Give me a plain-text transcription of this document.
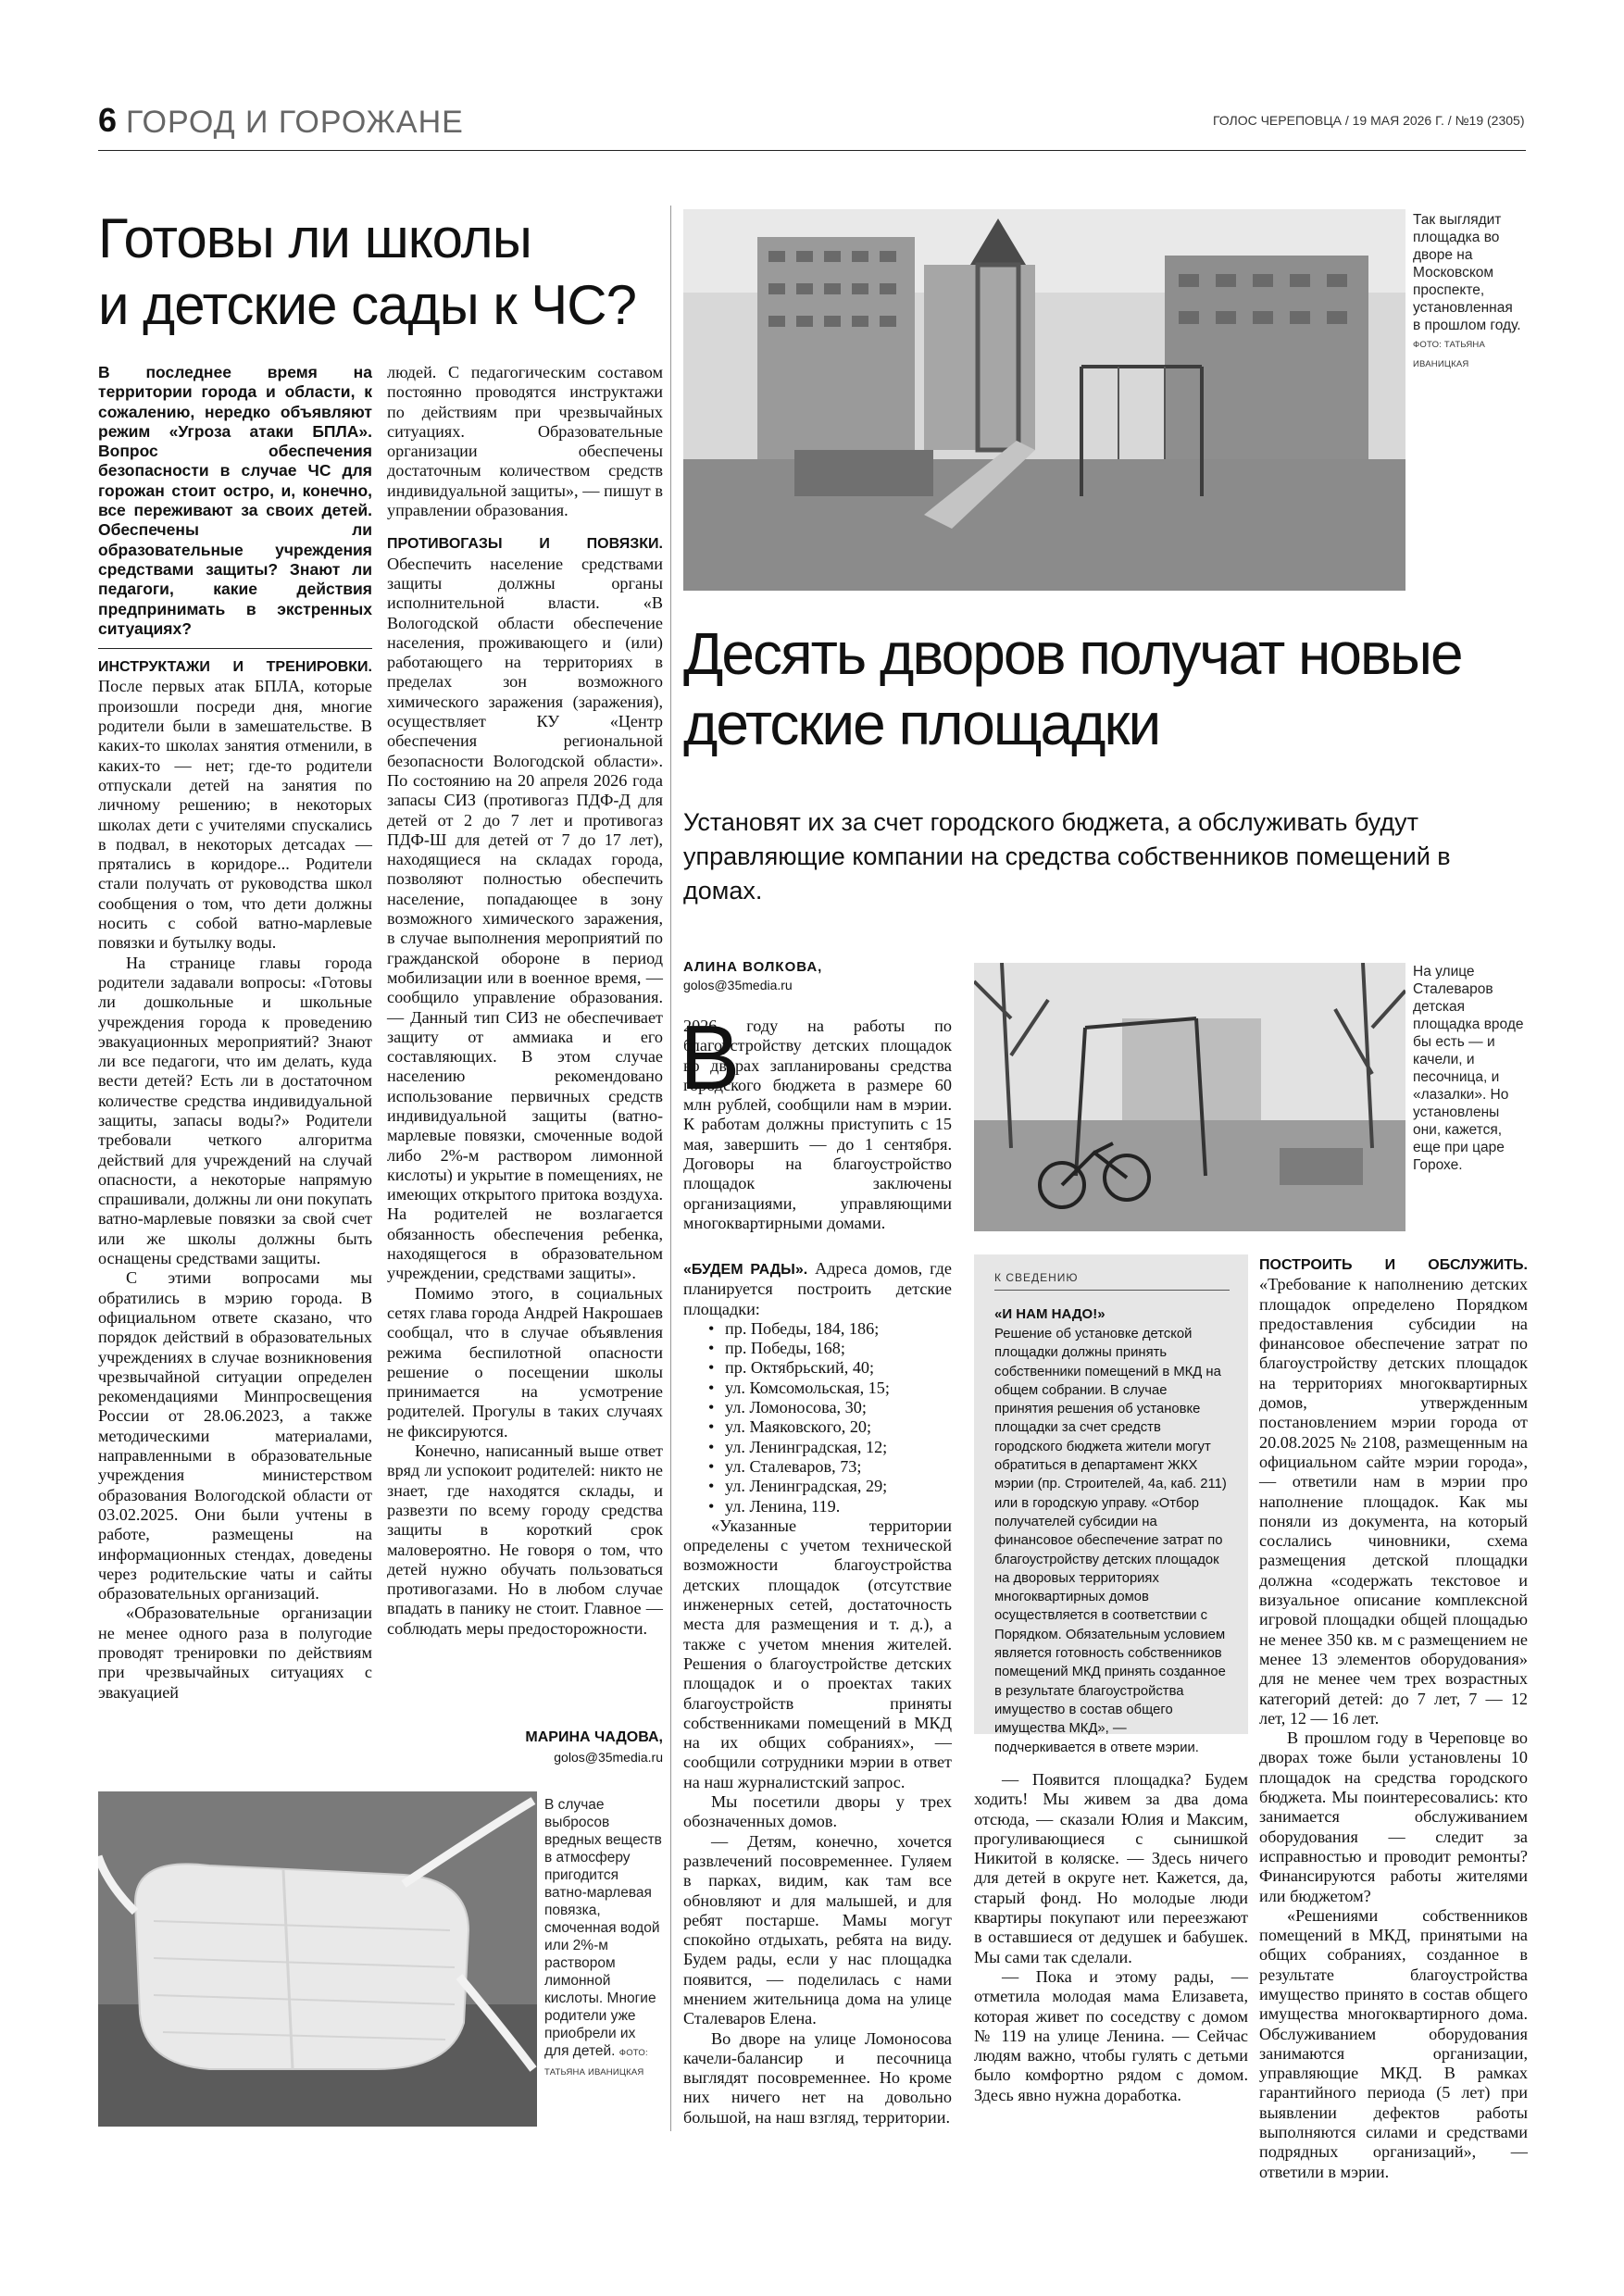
6 ГОРОД И ГОРОЖАНЕ	ГОЛОС ЧЕРЕПОВЦА / 19 МАЯ 2026 Г. / №19 (2305)
Готовы ли школы
и детские сады к ЧС?

В последнее время на территории города и области, к сожалению, нередко объявляют режим «Угроза атаки БПЛА». Вопрос обеспечения безопасности в случае ЧС для горожан стоит остро, и, конечно, все переживают за своих детей. Обеспечены ли образовательные учреждения средствами защиты? Знают ли педагоги, какие действия предпринимать в экстренных ситуациях?

ИНСТРУКТАЖИ И ТРЕНИРОВКИ. После первых атак БПЛА, которые произошли посреди дня, многие родители были в замешательстве. В каких-то школах занятия отменили, в каких-то — нет; где-то родители отпускали детей на занятия по личному решению; в некоторых школах дети с учителями спускались в подвал, в некоторых детсадах — прятались в коридоре... Родители стали получать от руководства школ сообщения о том, что дети должны носить с собой ватно-марлевые повязки и бутылку воды.

На странице главы города родители задавали вопросы: «Готовы ли дошкольные и школьные учреждения города к проведению эвакуационных мероприятий? Знают ли все педагоги, что им делать, куда вести детей? Есть ли в достаточном количестве средства индивидуальной защиты, запасы воды?» Родители требовали четкого алгоритма действий для учреждений на случай опасности, а некоторые напрямую спрашивали, должны ли они покупать ватно-марлевые повязки за свой счет или же школы должны быть оснащены средствами защиты.

С этими вопросами мы обратились в мэрию города. В официальном ответе сказано, что порядок действий в образовательных учреждениях в случае возникновения чрезвычайной ситуации определен рекомендациями Минпросвещения России от 28.06.2023, а также методическими материалами, направленными в образовательные учреждения министерством образования Вологодской области от 03.02.2025. Они были учтены в работе, размещены на информационных стендах, доведены через родительские чаты и сайты образовательных организаций.

«Образовательные организации не менее одного раза в полугодие проводят тренировки по действиям при чрезвычайных ситуациях с эвакуацией

людей. С педагогическим составом постоянно проводятся инструктажи по действиям при чрезвычайных ситуациях. Образовательные организации обеспечены достаточным количеством средств индивидуальной защиты», — пишут в управлении образования.

ПРОТИВОГАЗЫ И ПОВЯЗКИ. Обеспечить население средствами защиты должны органы исполнительной власти. «В Вологодской области обеспечение населения, проживающего и (или) работающего на территориях в пределах зон возможного химического заражения (заражения), осуществляет КУ «Центр обеспечения региональной безопасности Вологодской области». По состоянию на 20 апреля 2026 года запасы СИЗ (противогаз ПДФ-Д для детей от 2 до 7 лет и противогаз ПДФ-Ш для детей от 7 до 17 лет), находящиеся на складах города, позволяют полностью обеспечить население, попадающее в зону возможного химического заражения, в случае выполнения мероприятий по гражданской обороне в период мобилизации или в военное время, — сообщило управление образования. — Данный тип СИЗ не обеспечивает защиту от аммиака и его составляющих. В этом случае населению рекомендовано использование первичных средств индивидуальной защиты (ватно-марлевые повязки, смоченные водой либо 2%-м раствором лимонной кислоты) и укрытие в помещениях, не имеющих открытого притока воздуха. На родителей не возлагается обязанность обеспечения ребенка, находящегося в образовательном учреждении, средствами защиты».

Помимо этого, в социальных сетях глава города Андрей Накрошаев сообщал, что в случае объявления режима беспилотной опасности решение о посещении школы принимается на усмотрение родителей. Прогулы в таких случаях не фиксируются.

Конечно, написанный выше ответ вряд ли успокоит родителей: никто не знает, где находятся склады, и развезти по всему городу средства защиты в короткий срок маловероятно. Не говоря о том, что детей нужно обучать пользоваться противогазами. Но в любом случае впадать в панику не стоит. Главное — соблюдать меры предосторожности.

МАРИНА ЧАДОВА,
golos@35media.ru
В случае выбросов вредных веществ в атмосферу пригодится ватно-марлевая повязка, смоченная водой или 2%-м раствором лимонной кислоты. Многие родители уже приобрели их для детей. ФОТО: ТАТЬЯНА ИВАНИЦКАЯ
Так выглядит площадка во дворе на Московском проспекте, установленная в прошлом году. ФОТО: ТАТЬЯНА ИВАНИЦКАЯ
Десять дворов получат новые
детские площадки
Установят их за счет городского бюджета, а обслуживать будут управляющие компании на средства собственников помещений в домах.
АЛИНА ВОЛКОВА,
golos@35media.ru
В

2026 году на работы по благоустройству детских площадок во дворах запланированы средства городского бюджета в размере 60 млн рублей, сообщили нам в мэрии. К работам должны приступить с 15 мая, завершить — до 1 сентября. Договоры на благоустройство площадок заключены организациями, управляющими многоквартирными домами.

«БУДЕМ РАДЫ». Адреса домов, где планируется построить детские площадки:

• пр. Победы, 184, 186;
• пр. Победы, 168;
• пр. Октябрьский, 40;
• ул. Комсомольская, 15;
• ул. Ломоносова, 30;
• ул. Маяковского, 20;
• ул. Ленинградская, 12;
• ул. Сталеваров, 73;
• ул. Ленинградская, 29;
• ул. Ленина, 119.

«Указанные территории определены с учетом технической возможности благоустройства детских площадок (отсутствие инженерных сетей, достаточность места для размещения и т. д.), а также с учетом мнения жителей. Решения о благоустройстве детских площадок и о проектах таких благоустройств приняты собственниками помещений в МКД на их общих собраниях», — сообщили сотрудники мэрии в ответ на наш журналистский запрос.

Мы посетили дворы у трех обозначенных домов.

— Детям, конечно, хочется развлечений посовременнее. Гуляем в парках, видим, как там все обновляют и для малышей, и для ребят постарше. Мамы могут спокойно отдыхать, ребята на виду. Будем рады, если у нас площадка появится, — поделилась с нами мнением жительница дома на улице Сталеваров Елена.

Во дворе на улице Ломоносова качели-балансир и песочница выглядят посовременнее. Но кроме них ничего нет на довольно большой, на наш взгляд, территории.

На улице Сталеваров детская площадка вроде бы есть — и качели, и песочница, и «лазалки». Но установлены они, кажется, еще при царе Горохе.
К СВЕДЕНИЮ
«И НАМ НАДО!»
Решение об установке детской площадки должны принять собственники помещений в МКД на общем собрании. В случае принятия решения об установке площадки за счет средств городского бюджета жители могут обратиться в департамент ЖКХ мэрии (пр. Строителей, 4а, каб. 211) или в городскую управу. «Отбор получателей субсидии на финансовое обеспечение затрат по благоустройству детских площадок на дворовых территориях многоквартирных домов осуществляется в соответствии с Порядком. Обязательным условием является готовность собственников помещений МКД принять созданное в результате благоустройства имущество в состав общего имущества МКД», — подчеркивается в ответе мэрии.

— Появится площадка? Будем ходить! Мы живем за два дома отсюда, — сказали Юлия и Максим, прогуливающиеся с сынишкой Никитой в коляске. — Здесь ничего для детей в округе нет. Кажется, да, старый фонд. Но молодые люди квартиры покупают или переезжают в оставшиеся от дедушек и бабушек. Мы сами так сделали.

— Пока и этому рады, — отметила молодая мама Елизавета, которая живет по соседству с домом № 119 на улице Ленина. — Сейчас людям важно, чтобы гулять с детьми было комфортно рядом с домом. Здесь явно нужна доработка.

ПОСТРОИТЬ И ОБСЛУЖИТЬ. «Требование к наполнению детских площадок определено Порядком предоставления субсидии на финансовое обеспечение затрат по благоустройству детских площадок на территориях многоквартирных домов, утвержденным постановлением мэрии города от 20.08.2025 № 2108, размещенным на официальном сайте мэрии города», — ответили нам в мэрии про наполнение площадок. Как мы поняли из документа, на который сослались чиновники, схема размещения детской площадки должна «содержать текстовое и визуальное описание комплексной игровой площадки общей площадью не менее 350 кв. м с размещением не менее 13 элементов оборудования» для не менее чем трех возрастных категорий детей: до 7 лет, 7 — 12 лет, 12 — 16 лет.

В прошлом году в Череповце во дворах тоже были установлены 10 площадок на средства городского бюджета. Мы поинтересовались: кто занимается обслуживанием оборудования — следит за исправностью и проводит ремонты? Финансируются работы жителями или бюджетом?

«Решениями собственников помещений в МКД, принятыми на общих собраниях, созданное в результате благоустройства имущество принято в состав общего имущества многоквартирного дома. Обслуживанием оборудования занимаются организации, управляющие МКД. В рамках гарантийного периода (5 лет) при выявлении дефектов работы выполняются силами и средствами подрядных организаций», — ответили в мэрии.
